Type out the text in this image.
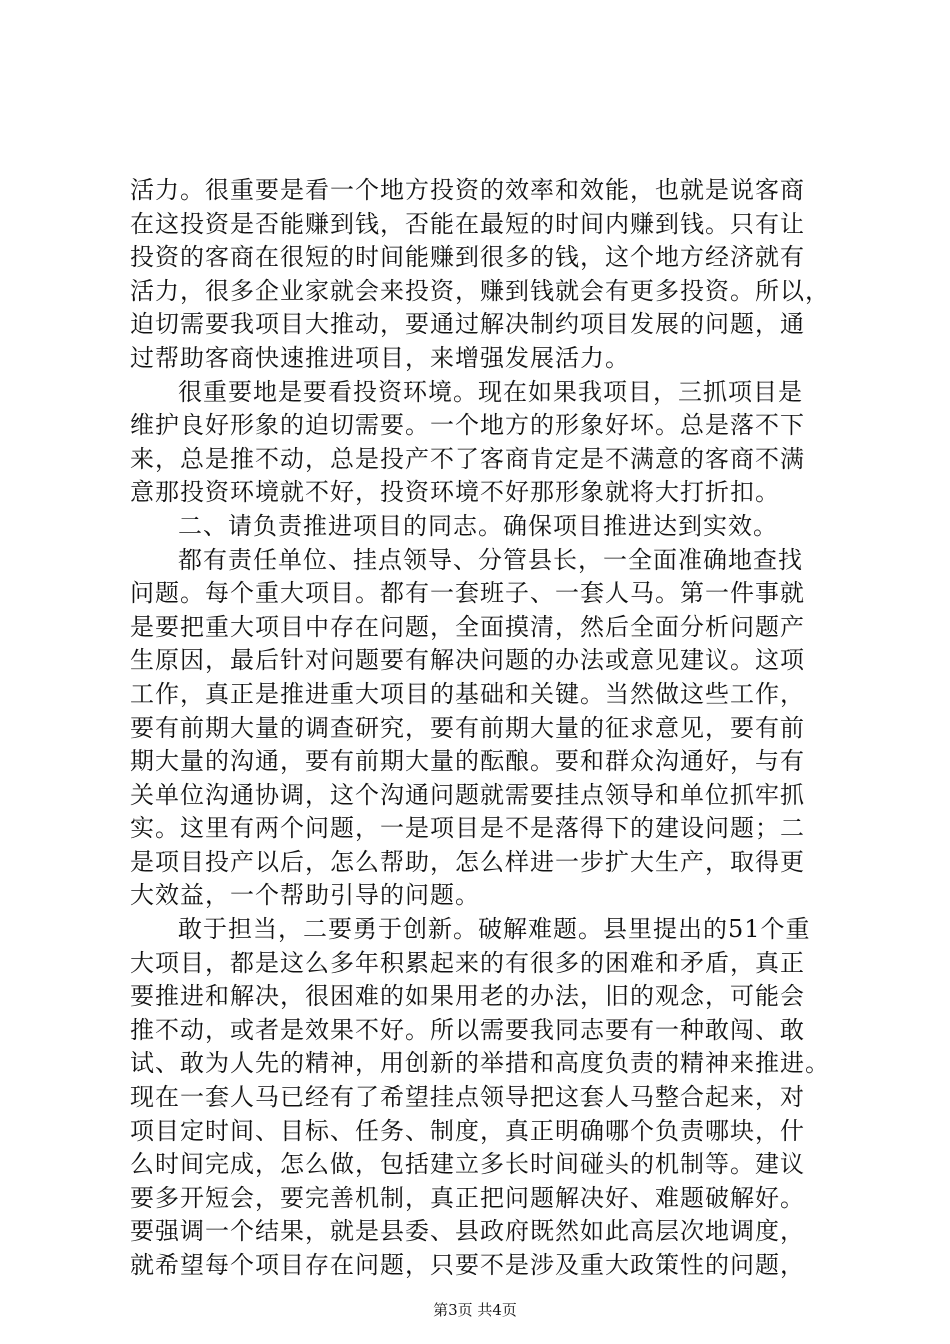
活力。很重要是看一个地方投资的效率和效能，也就是说客商
在这投资是否能赚到钱，否能在最短的时间内赚到钱。只有让
投资的客商在很短的时间能赚到很多的钱，这个地方经济就有
活力，很多企业家就会来投资，赚到钱就会有更多投资。所以，
迫切需要我项目大推动，要通过解决制约项目发展的问题，通
过帮助客商快速推进项目，来增强发展活力。
很重要地是要看投资环境。现在如果我项目，三抓项目是
维护良好形象的迫切需要。一个地方的形象好坏。总是落不下
来，总是推不动，总是投产不了客商肯定是不满意的客商不满
意那投资环境就不好，投资环境不好那形象就将大打折扣。
二、请负责推进项目的同志。确保项目推进达到实效。
都有责任单位、挂点领导、分管县长，一全面准确地查找
问题。每个重大项目。都有一套班子、一套人马。第一件事就
是要把重大项目中存在问题，全面摸清，然后全面分析问题产
生原因，最后针对问题要有解决问题的办法或意见建议。这项
工作，真正是推进重大项目的基础和关键。当然做这些工作，
要有前期大量的调查研究，要有前期大量的征求意见，要有前
期大量的沟通，要有前期大量的酝酿。要和群众沟通好，与有
关单位沟通协调，这个沟通问题就需要挂点领导和单位抓牢抓
实。这里有两个问题，一是项目是不是落得下的建设问题；二
是项目投产以后，怎么帮助，怎么样进一步扩大生产，取得更
大效益，一个帮助引导的问题。
敢于担当，二要勇于创新。破解难题。县里提出的51个重
大项目，都是这么多年积累起来的有很多的困难和矛盾，真正
要推进和解决，很困难的如果用老的办法，旧的观念，可能会
推不动，或者是效果不好。所以需要我同志要有一种敢闯、敢
试、敢为人先的精神，用创新的举措和高度负责的精神来推进。
现在一套人马已经有了希望挂点领导把这套人马整合起来，对
项目定时间、目标、任务、制度，真正明确哪个负责哪块，什
么时间完成，怎么做，包括建立多长时间碰头的机制等。建议
要多开短会，要完善机制，真正把问题解决好、难题破解好。
要强调一个结果，就是县委、县政府既然如此高层次地调度，
就希望每个项目存在问题，只要不是涉及重大政策性的问题，
第3页 共4页
